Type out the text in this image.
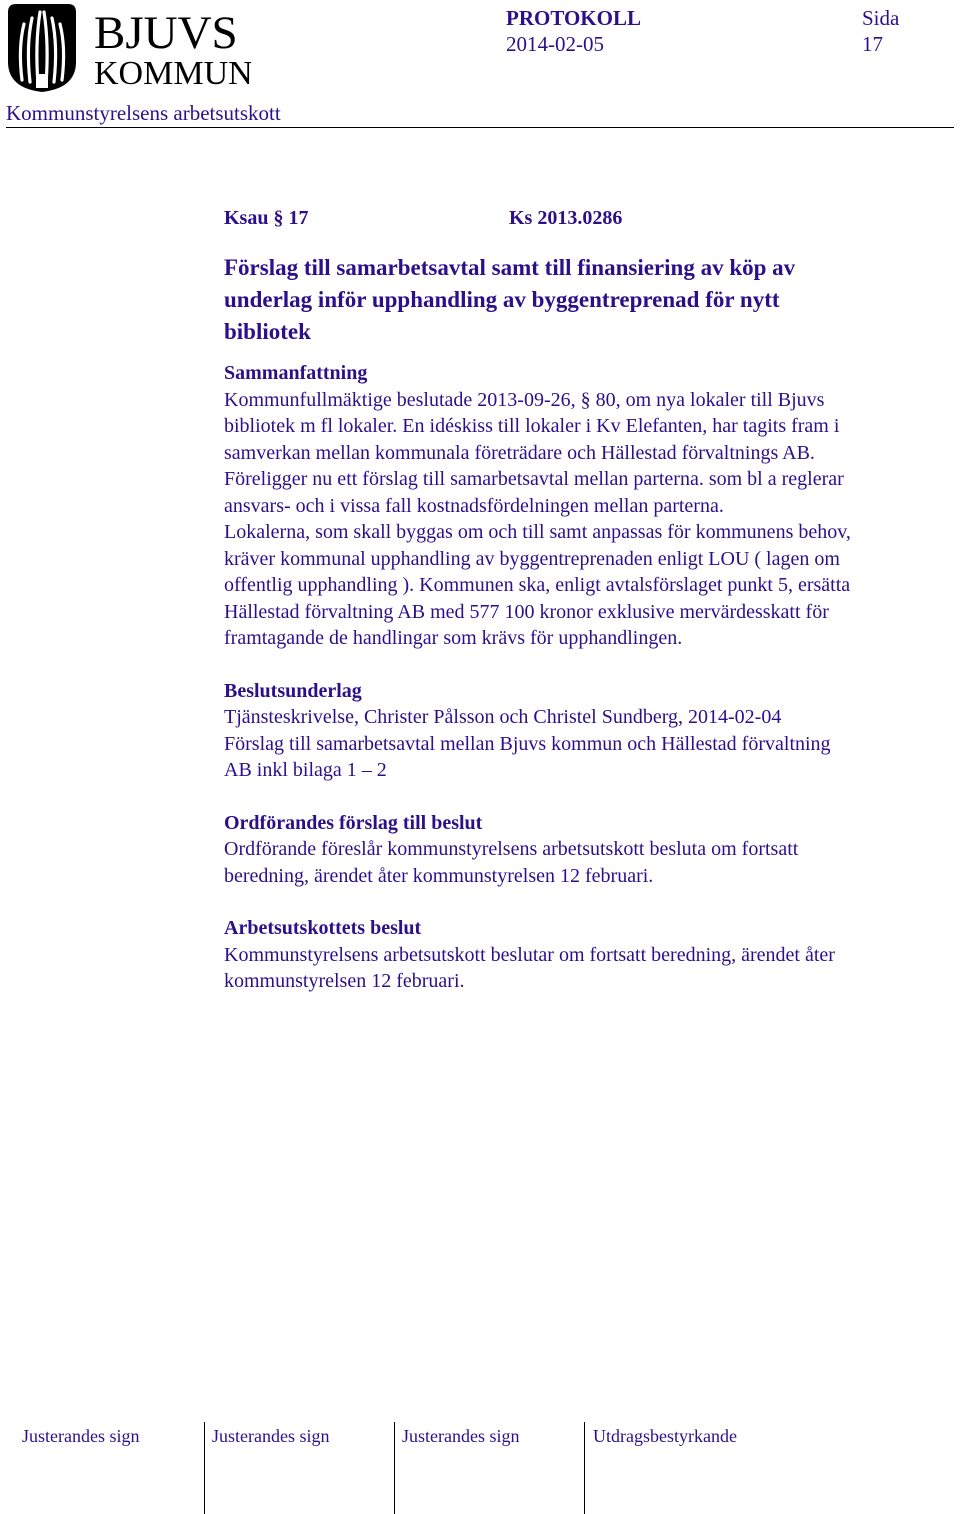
BJUVS
KOMMUN
PROTOKOLL	Sida
2014-02-05	17
Kommunstyrelsens arbetsutskott
Ksau § 17	Ks 2013.0286
Förslag till samarbetsavtal samt till finansiering av köp av
underlag inför upphandling av byggentreprenad för nytt
bibliotek
Sammanfattning

Kommunfullmäktige beslutade 2013-09-26, § 80, om nya lokaler till Bjuvs

bibliotek m fl lokaler. En idéskiss till lokaler i Kv Elefanten, har tagits fram i

samverkan mellan kommunala företrädare och Hällestad förvaltnings AB.

Föreligger nu ett förslag till samarbetsavtal mellan parterna. som bl a reglerar

ansvars- och i vissa fall kostnadsfördelningen mellan parterna.

Lokalerna, som skall byggas om och till samt anpassas för kommunens behov,

kräver kommunal upphandling av byggentreprenaden enligt LOU ( lagen om

offentlig upphandling ). Kommunen ska, enligt avtalsförslaget punkt 5, ersätta

Hällestad förvaltning AB med 577 100 kronor exklusive mervärdesskatt för

framtagande de handlingar som krävs för upphandlingen.

Beslutsunderlag

Tjänsteskrivelse, Christer Pålsson och Christel Sundberg, 2014-02-04

Förslag till samarbetsavtal mellan Bjuvs kommun och Hällestad förvaltning

AB inkl bilaga 1 – 2

Ordförandes förslag till beslut

Ordförande föreslår kommunstyrelsens arbetsutskott besluta om fortsatt

beredning, ärendet åter kommunstyrelsen 12 februari.

Arbetsutskottets beslut

Kommunstyrelsens arbetsutskott beslutar om fortsatt beredning, ärendet åter

kommunstyrelsen 12 februari.

Justerandes sign	Justerandes sign	Justerandes sign	Utdragsbestyrkande
